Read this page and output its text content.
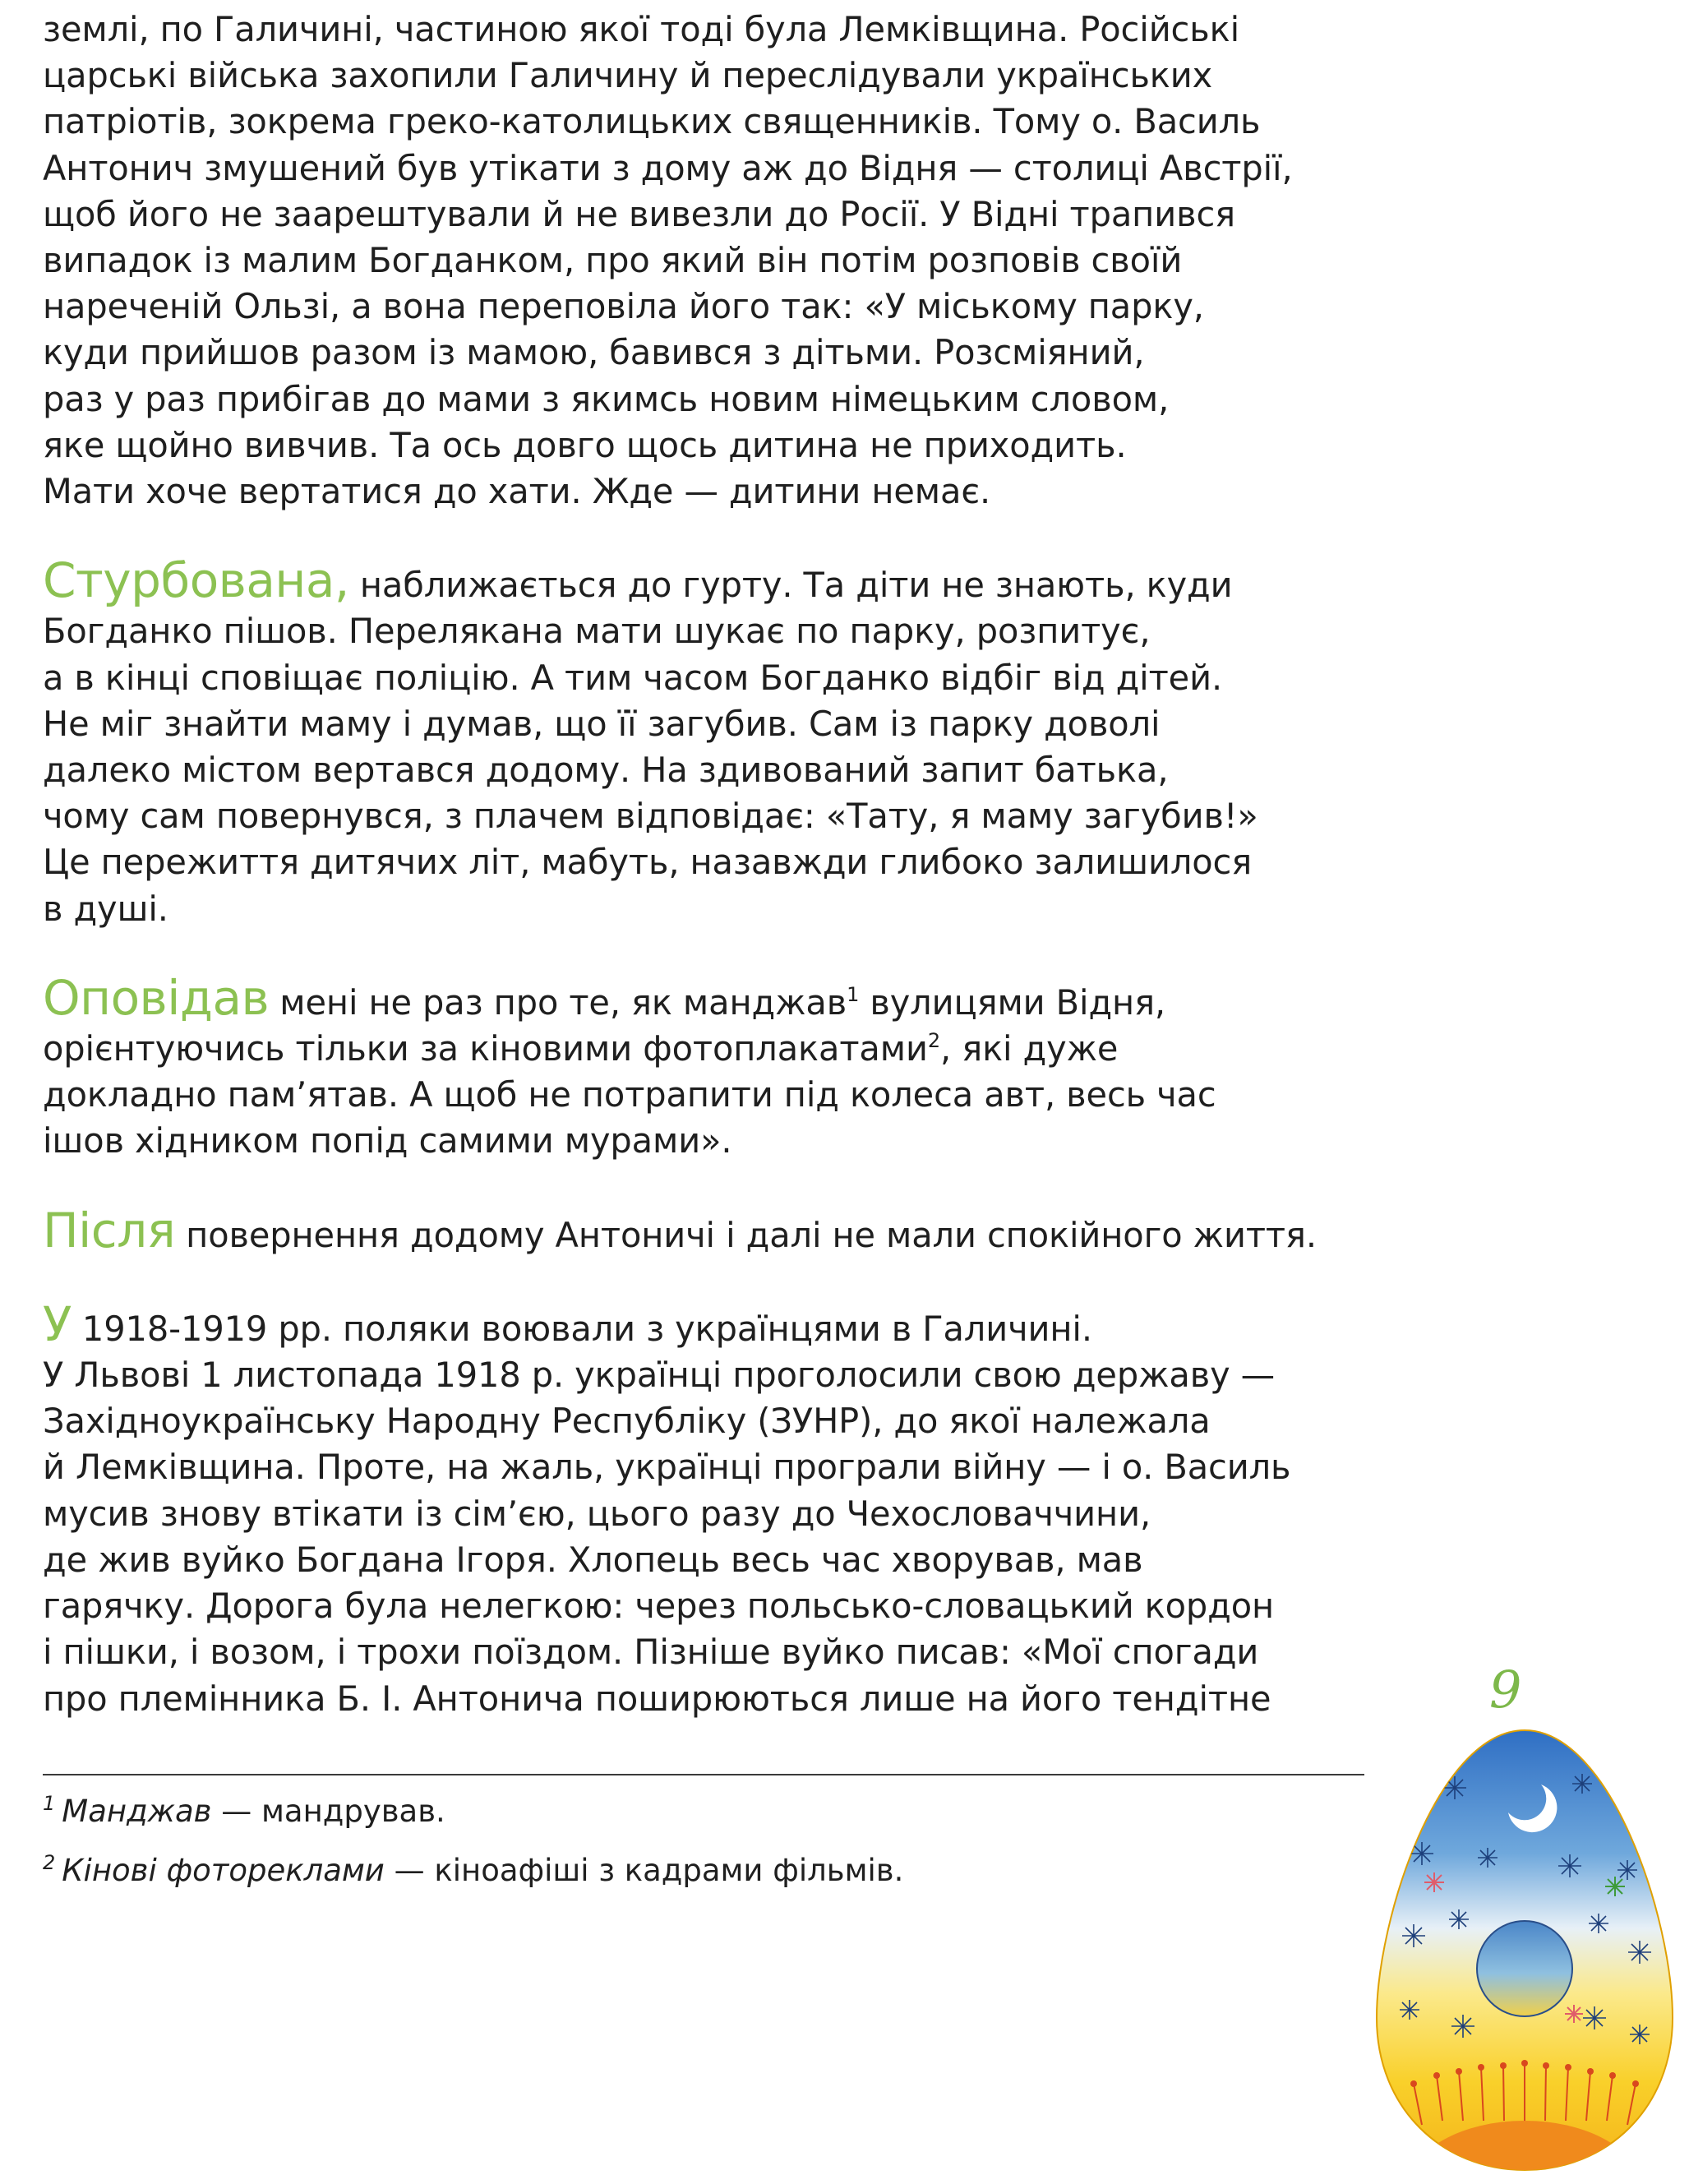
землі, по Галичині, частиною якої тоді була Лемківщина. Російські
царські війська захопили Галичину й переслідували українських
патріотів, зокрема греко-католицьких священників. Тому о. Василь
Антонич змушений був утікати з дому аж до Відня — столиці Австрії,
щоб його не заарештували й не вивезли до Росії. У Відні трапився
випадок із малим Богданком, про який він потім розповів своїй
нареченій Ользі, а вона переповіла його так: «У міському парку,
куди прийшов разом із мамою, бавився з дітьми. Розсміяний,
раз у раз прибігав до мами з якимсь новим німецьким словом,
яке щойно вивчив. Та ось довго щось дитина не приходить.
Мати хоче вертатися до хати. Жде — дитини немає.
Стурбована, наближається до гурту. Та діти не знають, куди
Богданко пішов. Перелякана мати шукає по парку, розпитує,
а в кінці сповіщає поліцію. А тим часом Богданко відбіг від дітей.
Не міг знайти маму і думав, що її загубив. Сам із парку доволі
далеко містом вертався додому. На здивований запит батька,
чому сам повернувся, з плачем відповідає: «Тату, я маму загубив!»
Це пережиття дитячих літ, мабуть, назавжди глибоко залишилося
в душі.
Оповідав мені не раз про те, як манджав$^1$ вулицями Відня,
орієнтуючись тільки за кіновими фотоплакатами$^2$, які дуже
докладно пам’ятав. А щоб не потрапити під колеса авт, весь час
ішов хідником попід самими мурами».
Після повернення додому Антоничі і далі не мали спокійного життя.
У 1918-1919 рр. поляки воювали з українцями в Галичині.
У Львові 1 листопада 1918 р. українці проголосили свою державу —
Західноукраїнську Народну Республіку (ЗУНР), до якої належала
й Лемківщина. Проте, на жаль, українці програли війну — і о. Василь
мусив знову втікати із сім’єю, цього разу до Чехословаччини,
де жив вуйко Богдана Ігоря. Хлопець весь час хворував, мав
гарячку. Дорога була нелегкою: через польсько-словацький кордон
і пішки, і возом, і трохи поїздом. Пізніше вуйко писав: «Мої спогади
про племінника Б. І. Антонича поширюються лише на його тендітне
$^1$ Манджав — мандрував.
$^2$ Кінові фотореклами — кіноафіші з кадрами фільмів.
9
